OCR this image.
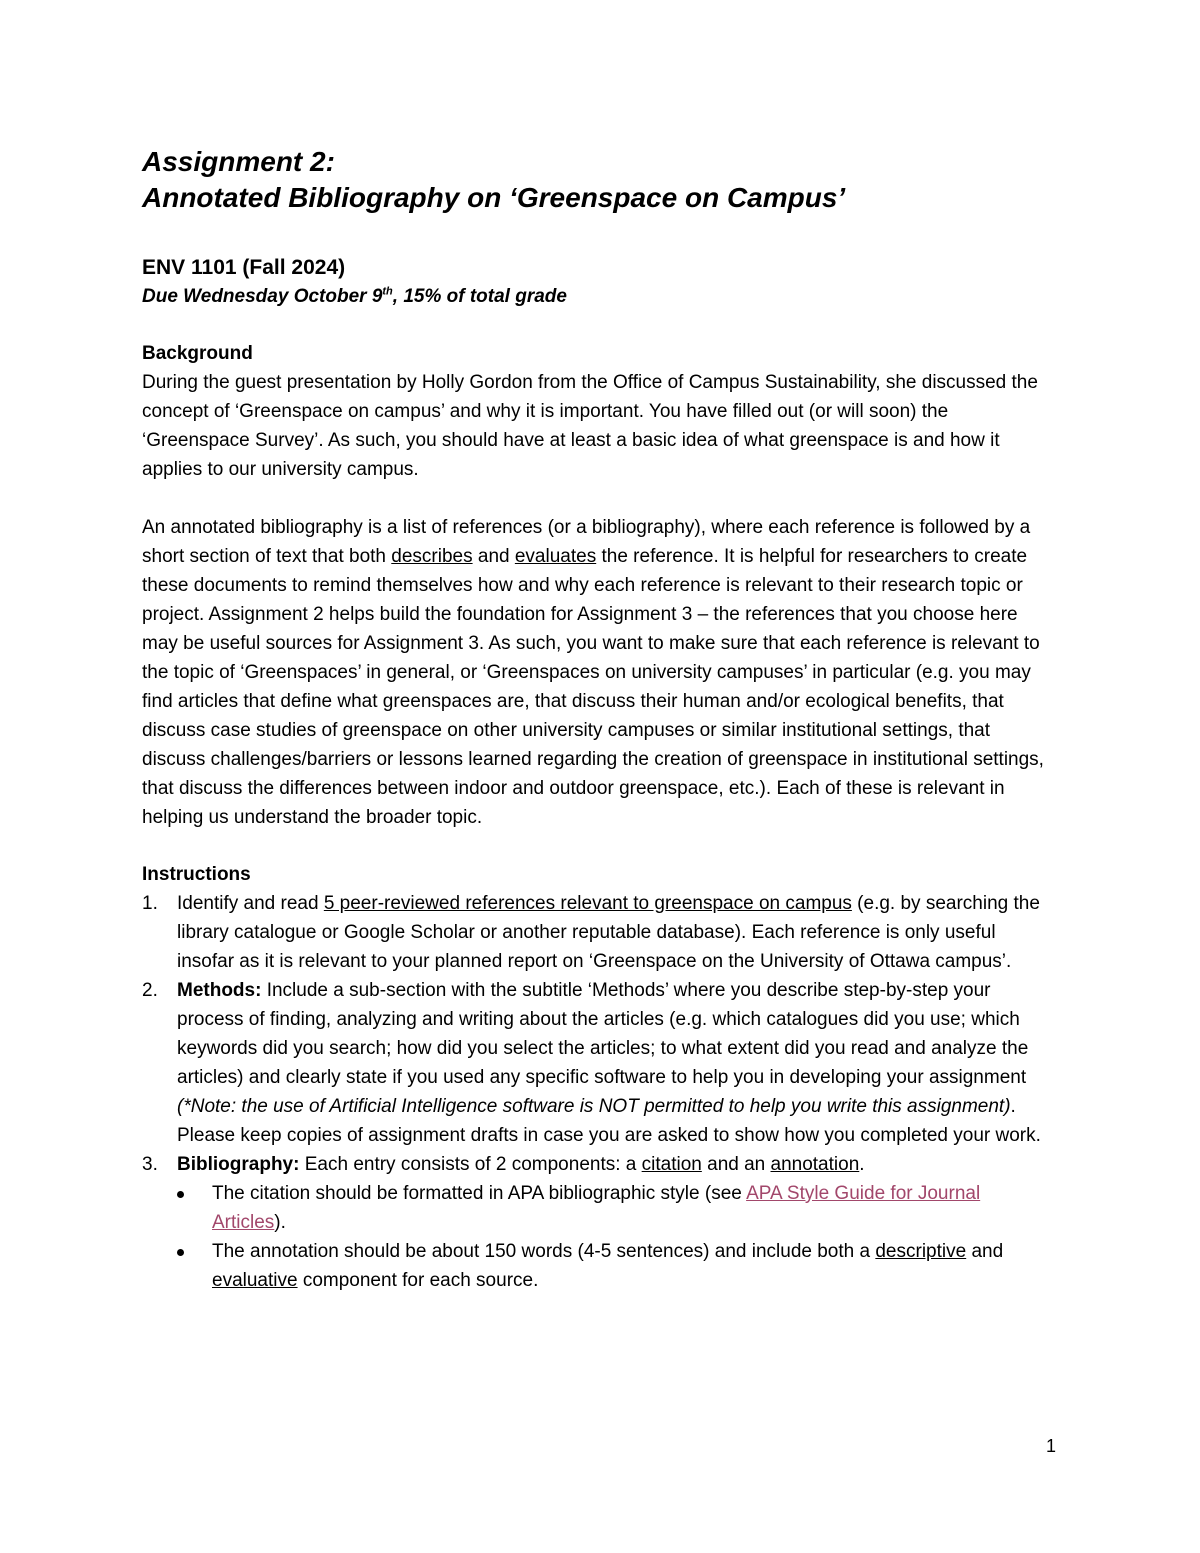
Assignment 2:
Annotated Bibliography on ‘Greenspace on Campus’
ENV 1101 (Fall 2024)
Due Wednesday October 9th, 15% of total grade
Background

During the guest presentation by Holly Gordon from the Office of Campus Sustainability, she discussed the concept of ‘Greenspace on campus’ and why it is important. You have filled out (or will soon) the ‘Greenspace Survey’. As such, you should have at least a basic idea of what greenspace is and how it applies to our university campus.

An annotated bibliography is a list of references (or a bibliography), where each reference is followed by a short section of text that both describes and evaluates the reference. It is helpful for researchers to create these documents to remind themselves how and why each reference is relevant to their research topic or project. Assignment 2 helps build the foundation for Assignment 3 – the references that you choose here may be useful sources for Assignment 3. As such, you want to make sure that each reference is relevant to the topic of ‘Greenspaces’ in general, or ‘Greenspaces on university campuses’ in particular (e.g. you may find articles that define what greenspaces are, that discuss their human and/or ecological benefits, that discuss case studies of greenspace on other university campuses or similar institutional settings, that discuss challenges/barriers or lessons learned regarding the creation of greenspace in institutional settings, that discuss the differences between indoor and outdoor greenspace, etc.). Each of these is relevant in helping us understand the broader topic.

Instructions
1.	Identify and read 5 peer-reviewed references relevant to greenspace on campus (e.g. by searching the library catalogue or Google Scholar or another reputable database). Each reference is only useful insofar as it is relevant to your planned report on ‘Greenspace on the University of Ottawa campus’.
2.	Methods: Include a sub-section with the subtitle ‘Methods’ where you describe step-by-step your process of finding, analyzing and writing about the articles (e.g. which catalogues did you use; which keywords did you search; how did you select the articles; to what extent did you read and analyze the articles) and clearly state if you used any specific software to help you in developing your assignment (*Note: the use of Artificial Intelligence software is NOT permitted to help you write this assignment). Please keep copies of assignment drafts in case you are asked to show how you completed your work.
3.	Bibliography: Each entry consists of 2 components: a citation and an annotation.
The citation should be formatted in APA bibliographic style (see APA Style Guide for Journal Articles).
The annotation should be about 150 words (4-5 sentences) and include both a descriptive and evaluative component for each source.
1
